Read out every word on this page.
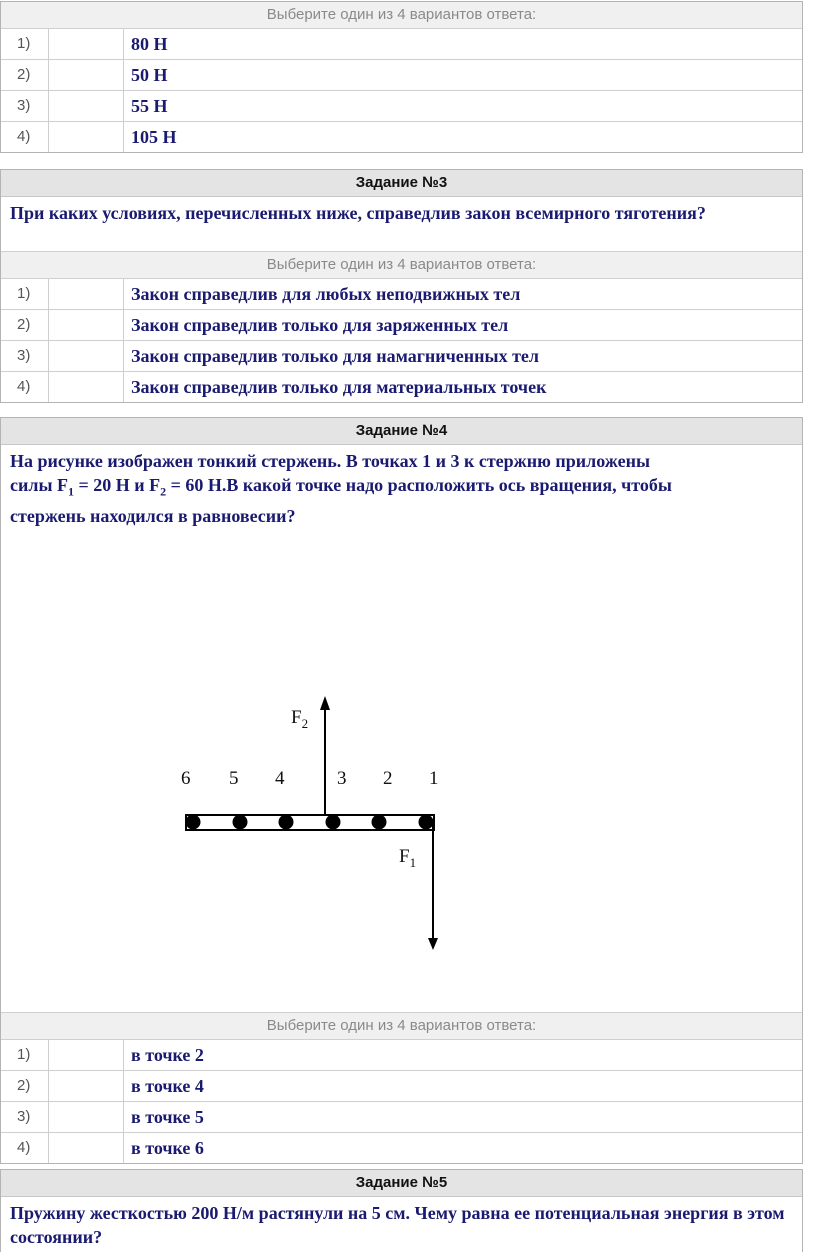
Выберите один из 4 вариантов ответа:
1)	80 Н
2)	50 Н
3)	55 Н
4)	105 Н
Задание №3
При каких условиях, перечисленных ниже, справедлив закон всемирного тяготения?
Выберите один из 4 вариантов ответа:
1)	Закон справедлив для любых неподвижных тел
2)	Закон справедлив только для заряженных тел
3)	Закон справедлив только для намагниченных тел
4)	Закон справедлив только для материальных точек
Задание №4
На рисунке изображен тонкий стержень. В точках 1 и 3 к стержню приложены
силы $F_1 = 20$ Н и $F_2 = 60$ Н.В какой точке надо расположить ось вращения, чтобы
стержень находился в равновесии?
$F_2$
$F_1$
6 5 4	3 2 1
Выберите один из 4 вариантов ответа:
1)	в точке 2
2)	в точке 4
3)	в точке 5
4)	в точке 6
Задание №5
Пружину жесткостью 200 Н/м растянули на 5 см. Чему равна ее потенциальная энергия в этом состоянии?
